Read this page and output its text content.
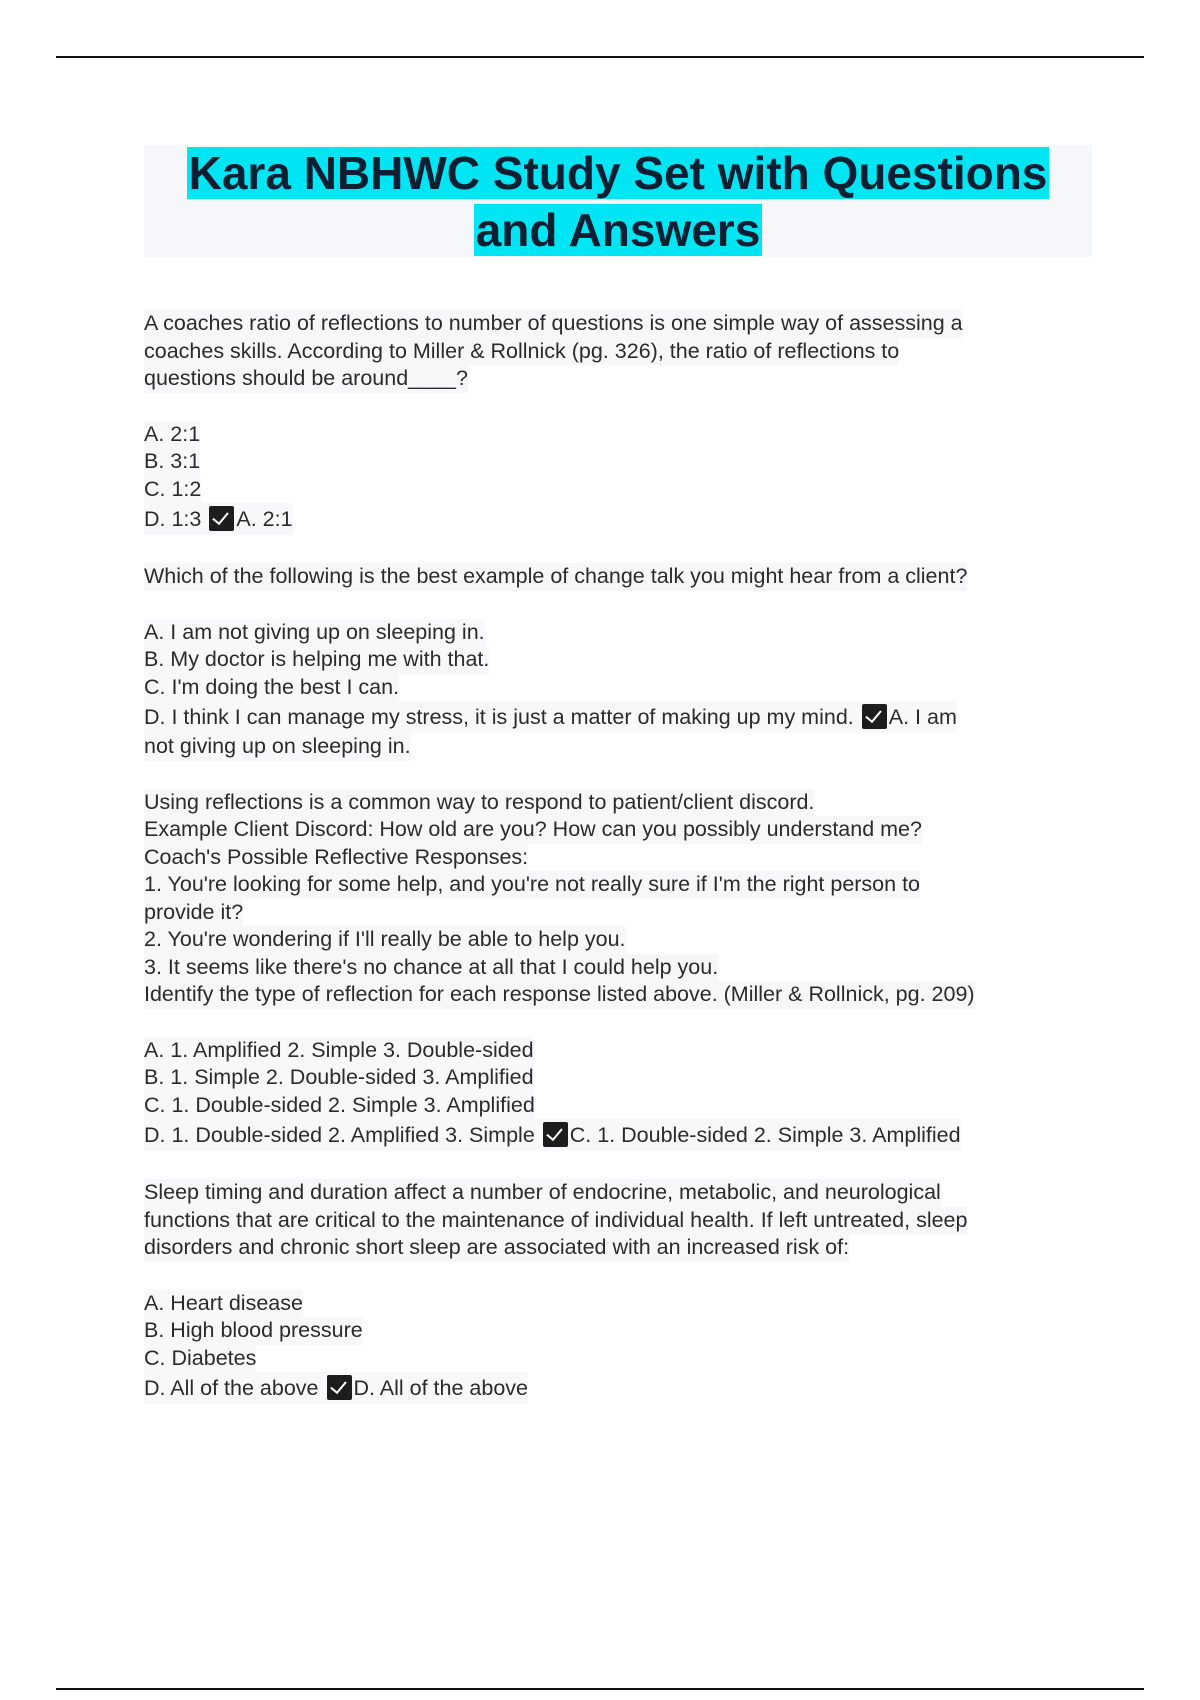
Kara NBHWC Study Set with Questions
and Answers
A coaches ratio of reflections to number of questions is one simple way of assessing a
coaches skills. According to Miller & Rollnick (pg. 326), the ratio of reflections to
questions should be around____?
A. 2:1
B. 3:1
C. 1:2
D. 1:3 A. 2:1
Which of the following is the best example of change talk you might hear from a client?
A. I am not giving up on sleeping in.
B. My doctor is helping me with that.
C. I'm doing the best I can.
D. I think I can manage my stress, it is just a matter of making up my mind. A. I am
not giving up on sleeping in.
Using reflections is a common way to respond to patient/client discord.
Example Client Discord: How old are you? How can you possibly understand me?
Coach's Possible Reflective Responses:
1. You're looking for some help, and you're not really sure if I'm the right person to
provide it?
2. You're wondering if I'll really be able to help you.
3. It seems like there's no chance at all that I could help you.
Identify the type of reflection for each response listed above. (Miller & Rollnick, pg. 209)
A. 1. Amplified 2. Simple 3. Double-sided
B. 1. Simple 2. Double-sided 3. Amplified
C. 1. Double-sided 2. Simple 3. Amplified
D. 1. Double-sided 2. Amplified 3. Simple C. 1. Double-sided 2. Simple 3. Amplified
Sleep timing and duration affect a number of endocrine, metabolic, and neurological
functions that are critical to the maintenance of individual health. If left untreated, sleep
disorders and chronic short sleep are associated with an increased risk of:
A. Heart disease
B. High blood pressure
C. Diabetes
D. All of the above D. All of the above
